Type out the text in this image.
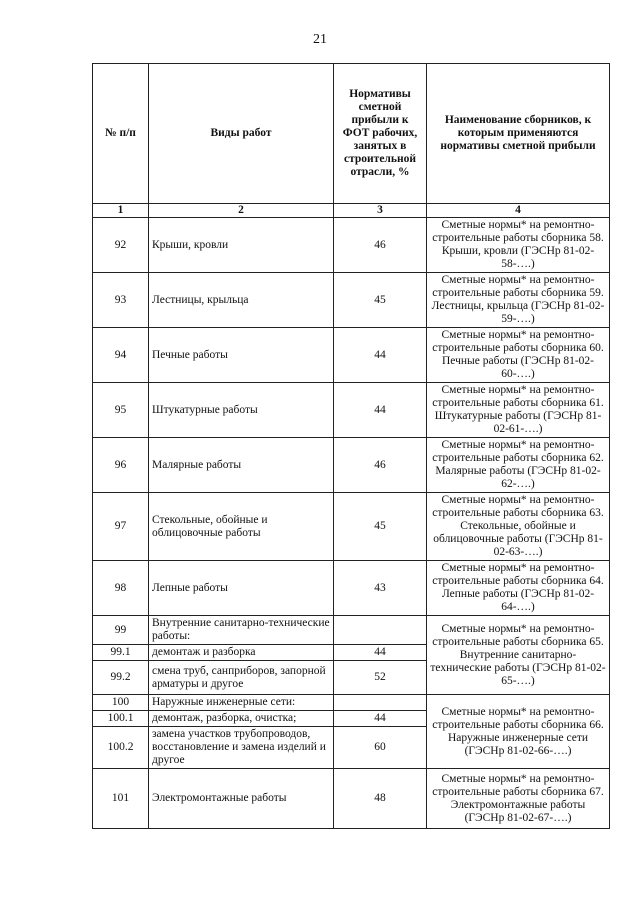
21
№ п/п	Виды работ	Нормативы сметной прибыли к ФОТ рабочих, занятых в строительной отрасли, %	Наименование сборников, к которым применяются нормативы сметной прибыли
1	2	3	4
92	Крыши, кровли	46	Сметные нормы* на ремонтно-строительные работы сборника 58. Крыши, кровли (ГЭСНр 81-02-58-….)
93	Лестницы, крыльца	45	Сметные нормы* на ремонтно-строительные работы сборника 59. Лестницы, крыльца (ГЭСНр 81-02-59-….)
94	Печные работы	44	Сметные нормы* на ремонтно-строительные работы сборника 60. Печные работы (ГЭСНр 81-02-60-….)
95	Штукатурные работы	44	Сметные нормы* на ремонтно-строительные работы сборника 61. Штукатурные работы (ГЭСНр 81-02-61-….)
96	Малярные работы	46	Сметные нормы* на ремонтно-строительные работы сборника 62. Малярные работы (ГЭСНр 81-02-62-….)
97	Стекольные, обойные и облицовочные работы	45	Сметные нормы* на ремонтно-строительные работы сборника 63. Стекольные, обойные и облицовочные работы (ГЭСНр 81-02-63-….)
98	Лепные работы	43	Сметные нормы* на ремонтно-строительные работы сборника 64. Лепные работы (ГЭСНр 81-02-64-….)
99	Внутренние санитарно-технические работы:		Сметные нормы* на ремонтно-строительные работы сборника 65. Внутренние санитарно-технические работы (ГЭСНр 81-02-65-….)
99.1	демонтаж и разборка	44	
99.2	смена труб, санприборов, запорной арматуры и другое	52	
100	Наружные инженерные сети:		Сметные нормы* на ремонтно-строительные работы сборника 66. Наружные инженерные сети (ГЭСНр 81-02-66-….)
100.1	демонтаж, разборка, очистка;	44	
100.2	замена участков трубопроводов, восстановление и замена изделий и другое	60	
101	Электромонтажные работы	48	Сметные нормы* на ремонтно-строительные работы сборника 67. Электромонтажные работы (ГЭСНр 81-02-67-….)
